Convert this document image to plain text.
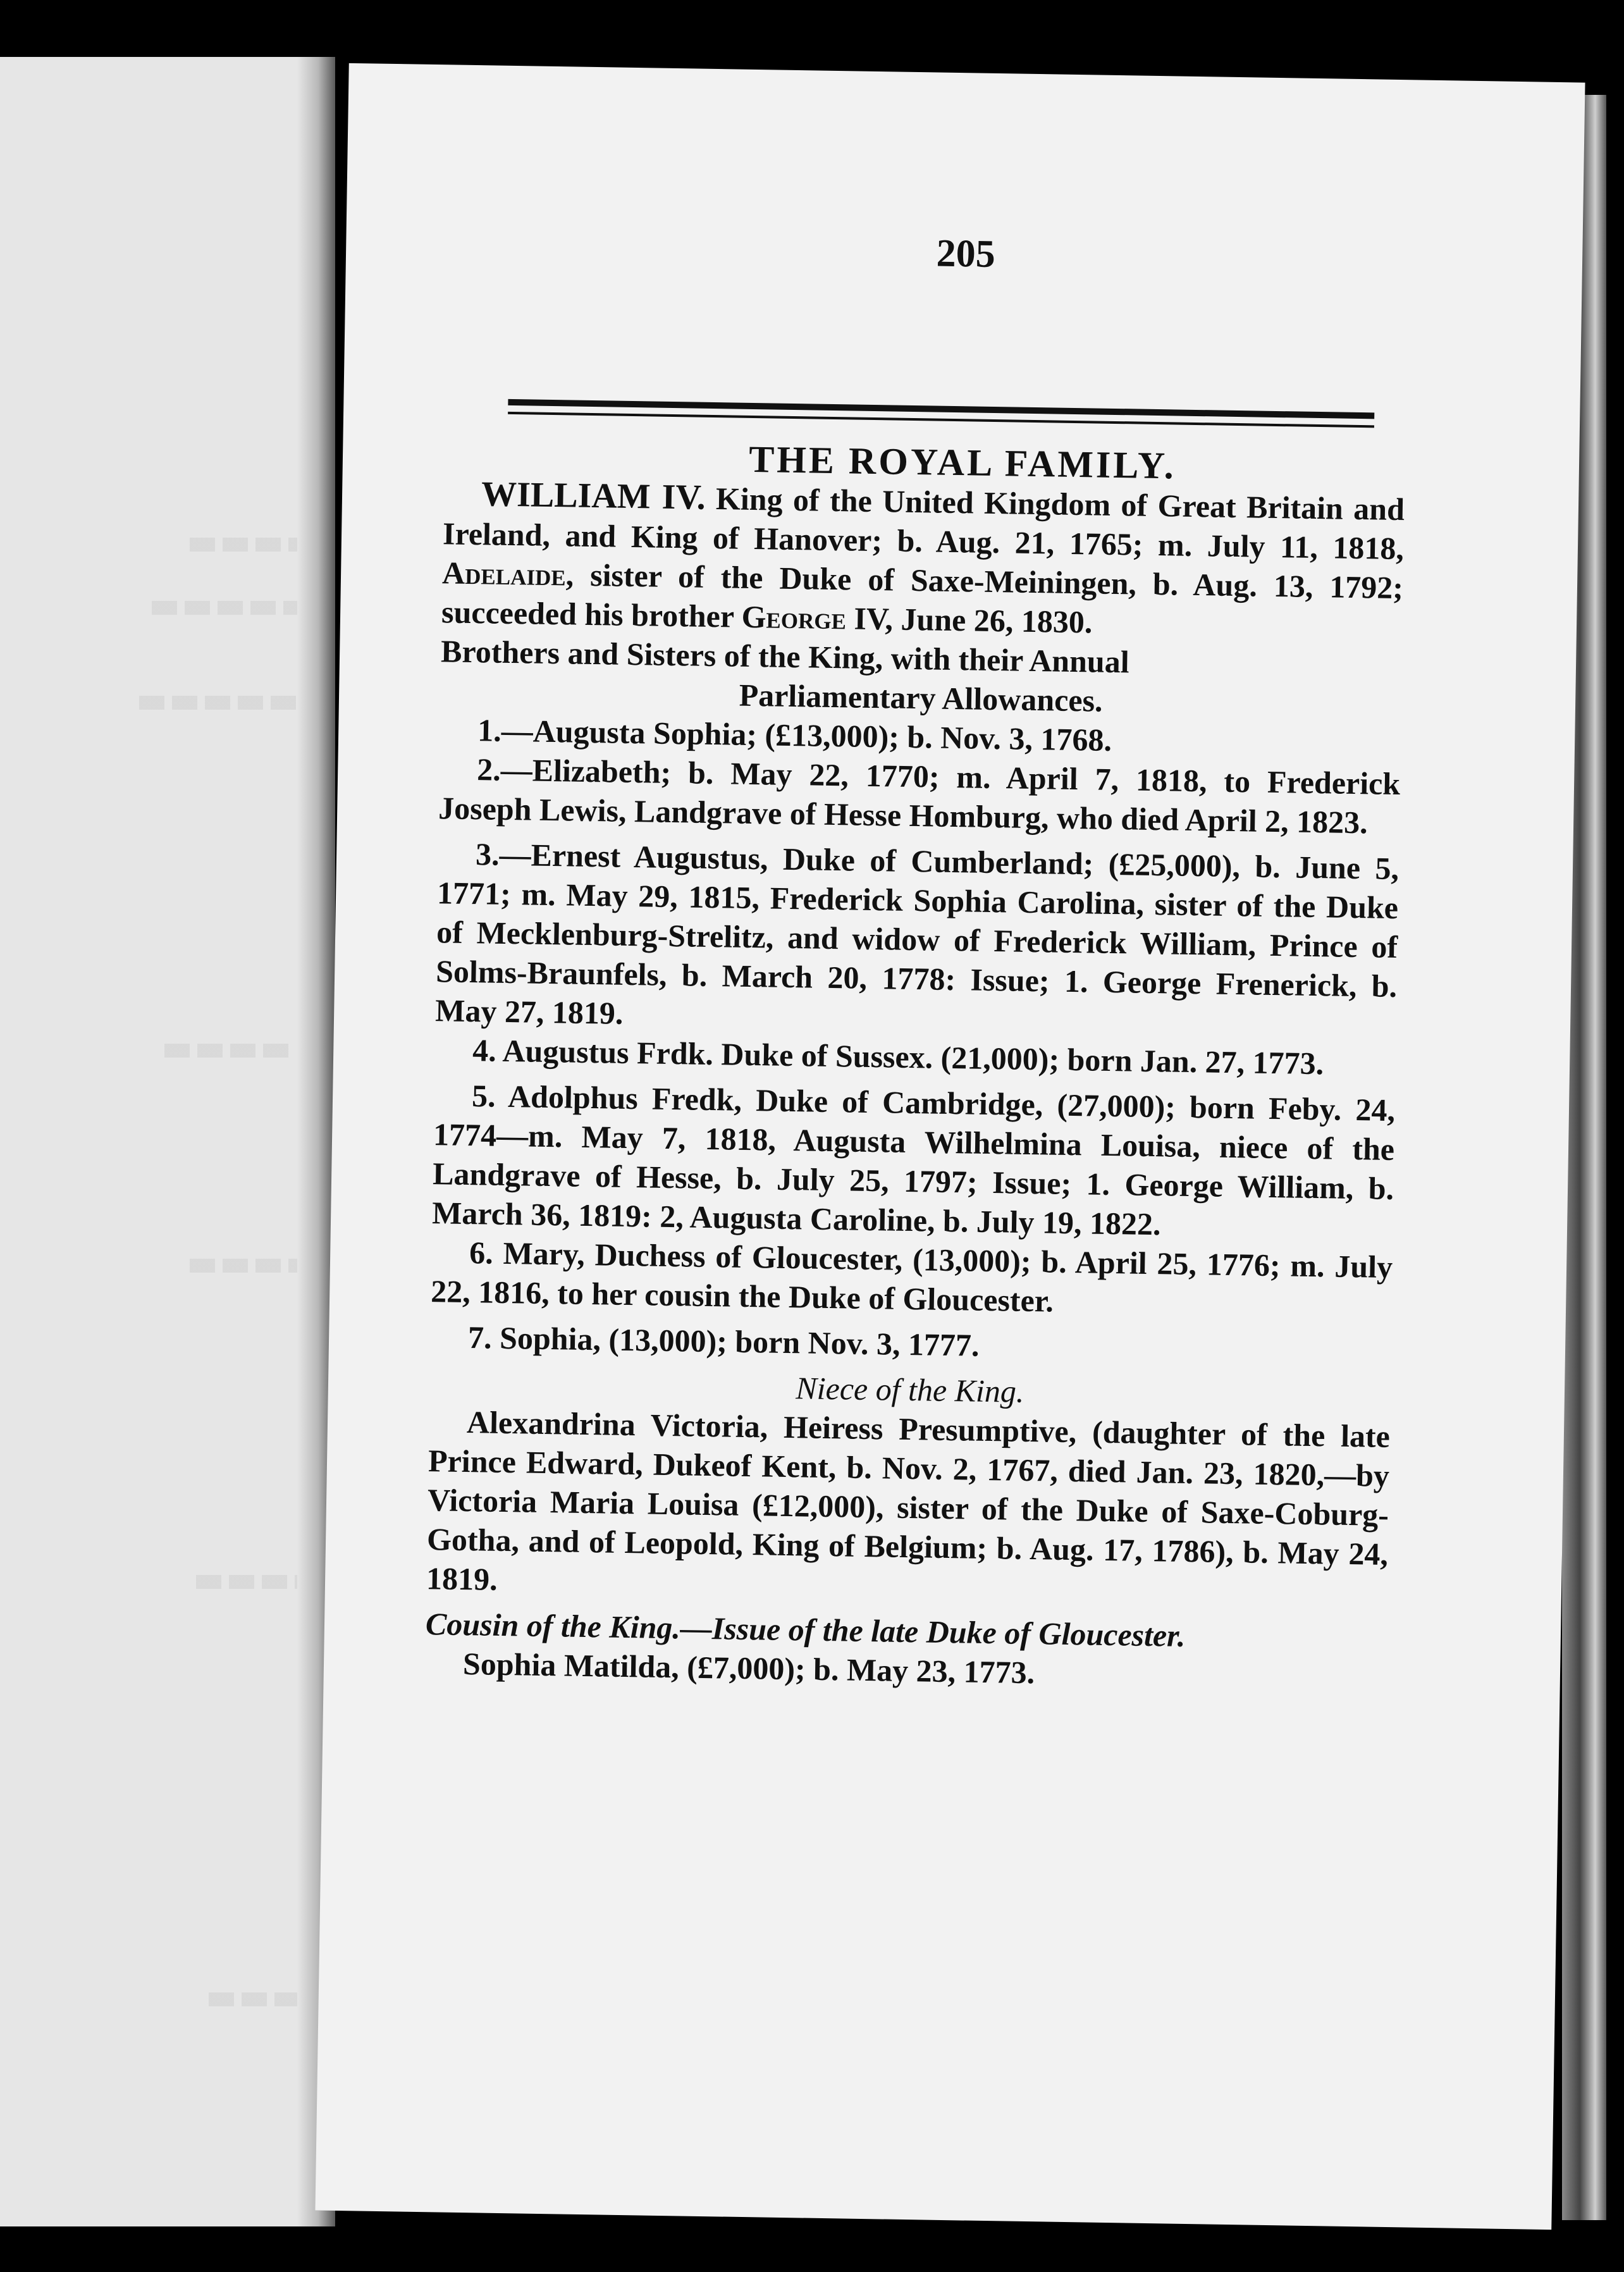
205
THE ROYAL FAMILY.

WILLIAM IV. King of the United Kingdom of Great Britain and Ireland, and King of Hanover; b. Aug. 21, 1765; m. July 11, 1818, Adelaide, sister of the Duke of Saxe-Meiningen, b. Aug. 13, 1792; succeeded his brother George IV, June 26, 1830.

Brothers and Sisters of the King, with their Annual

Parliamentary Allowances.

1.—Augusta Sophia; (£13,000); b. Nov. 3, 1768.

2.—Elizabeth; b. May 22, 1770; m. April 7, 1818, to Frederick Joseph Lewis, Landgrave of Hesse Homburg, who died April 2, 1823.

3.—Ernest Augustus, Duke of Cumberland; (£25,000), b. June 5, 1771; m. May 29, 1815, Frederick Sophia Carolina, sister of the Duke of Mecklenburg-Strelitz, and widow of Frederick William, Prince of Solms-Braunfels, b. March 20, 1778: Issue; 1. George Frenerick, b. May 27, 1819.

4. Augustus Frdk. Duke of Sussex. (21,000); born Jan. 27, 1773.

5. Adolphus Fredk, Duke of Cambridge, (27,000); born Feby. 24, 1774—m. May 7, 1818, Augusta Wilhelmina Louisa, niece of the Landgrave of Hesse, b. July 25, 1797; Issue; 1. George William, b. March 36, 1819: 2, Augusta Caroline, b. July 19, 1822.

6. Mary, Duchess of Gloucester, (13,000); b. April 25, 1776; m. July 22, 1816, to her cousin the Duke of Gloucester.

7. Sophia, (13,000); born Nov. 3, 1777.

Niece of the King.

Alexandrina Victoria, Heiress Presumptive, (daughter of the late Prince Edward, Dukeof Kent, b. Nov. 2, 1767, died Jan. 23, 1820,—by Victoria Maria Louisa (£12,000), sister of the Duke of Saxe-Coburg-Gotha, and of Leopold, King of Belgium; b. Aug. 17, 1786), b. May 24, 1819.

Cousin of the King.—Issue of the late Duke of Gloucester.

Sophia Matilda, (£7,000); b. May 23, 1773.
